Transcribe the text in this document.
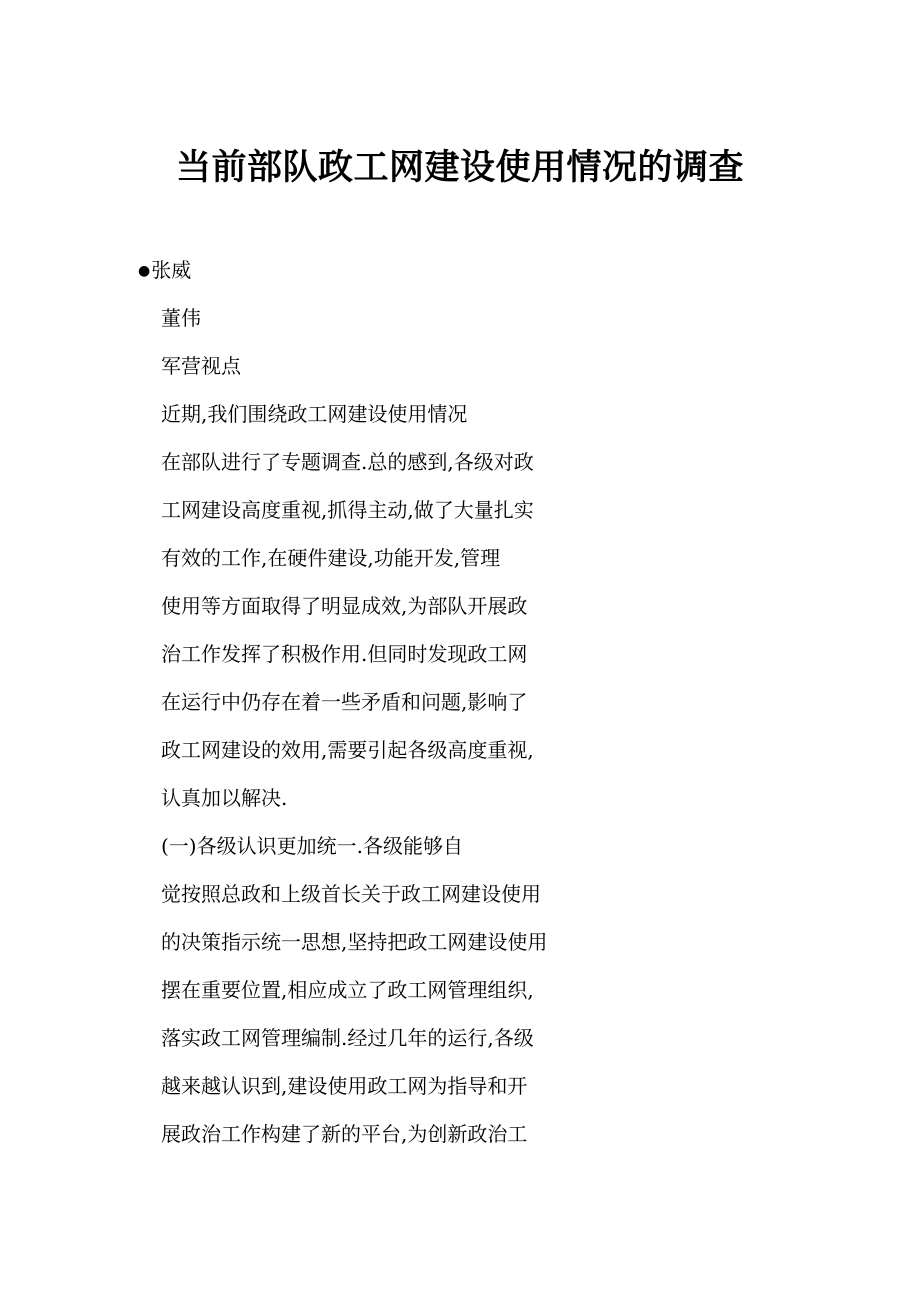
当前部队政工网建设使用情况的调查
●张威
董伟
军营视点
近期,我们围绕政工网建设使用情况
在部队进行了专题调查.总的感到,各级对政
工网建设高度重视,抓得主动,做了大量扎实
有效的工作,在硬件建设,功能开发,管理
使用等方面取得了明显成效,为部队开展政
治工作发挥了积极作用.但同时发现政工网
在运行中仍存在着一些矛盾和问题,影响了
政工网建设的效用,需要引起各级高度重视,
认真加以解决.
(一)各级认识更加统一.各级能够自
觉按照总政和上级首长关于政工网建设使用
的决策指示统一思想,坚持把政工网建设使用
摆在重要位置,相应成立了政工网管理组织,
落实政工网管理编制.经过几年的运行,各级
越来越认识到,建设使用政工网为指导和开
展政治工作构建了新的平台,为创新政治工
